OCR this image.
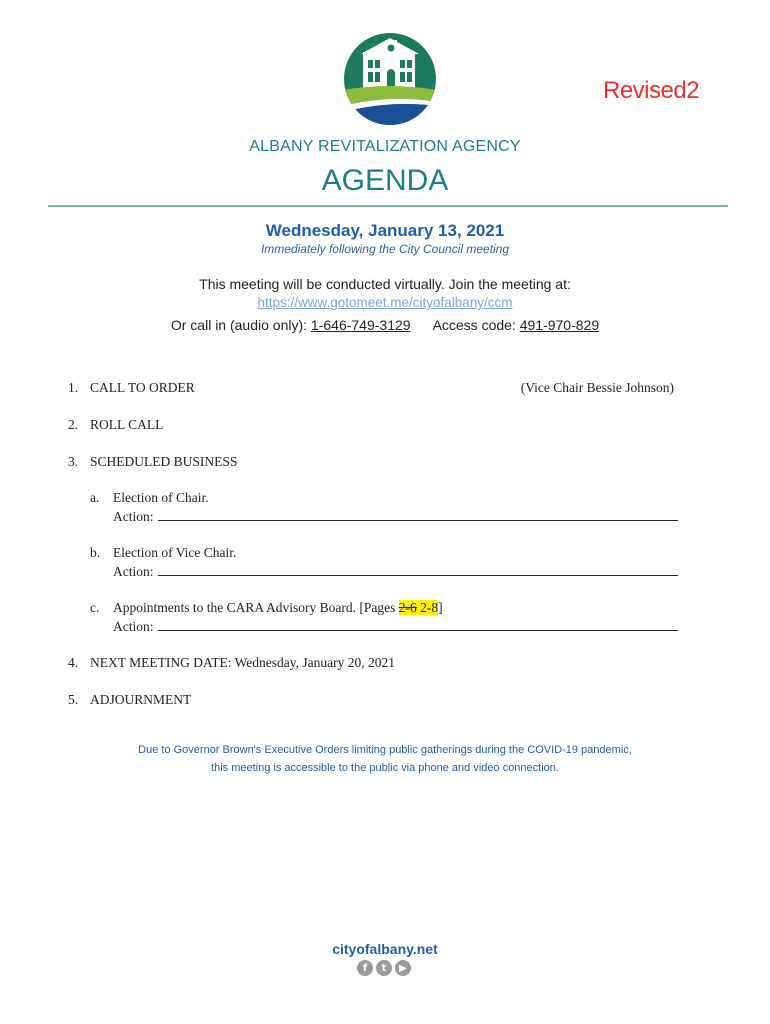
Revised2
ALBANY REVITALIZATION AGENCY
AGENDA
Wednesday, January 13, 2021
Immediately following the City Council meeting
This meeting will be conducted virtually. Join the meeting at:
https://www.gotomeet.me/cityofalbany/ccm
Or call in (audio only): 1-646-749-3129 Access code: 491-970-829
1. CALL TO ORDER	(Vice Chair Bessie Johnson)
2. ROLL CALL
3. SCHEDULED BUSINESS
a. Election of Chair.
Action:
b. Election of Vice Chair.
Action:
c. Appointments to the CARA Advisory Board. [Pages 2-6 2-8]
Action:
4. NEXT MEETING DATE: Wednesday, January 20, 2021
5. ADJOURNMENT
Due to Governor Brown's Executive Orders limiting public gatherings during the COVID-19 pandemic,
this meeting is accessible to the public via phone and video connection.
cityofalbany.net
f	t	▶
